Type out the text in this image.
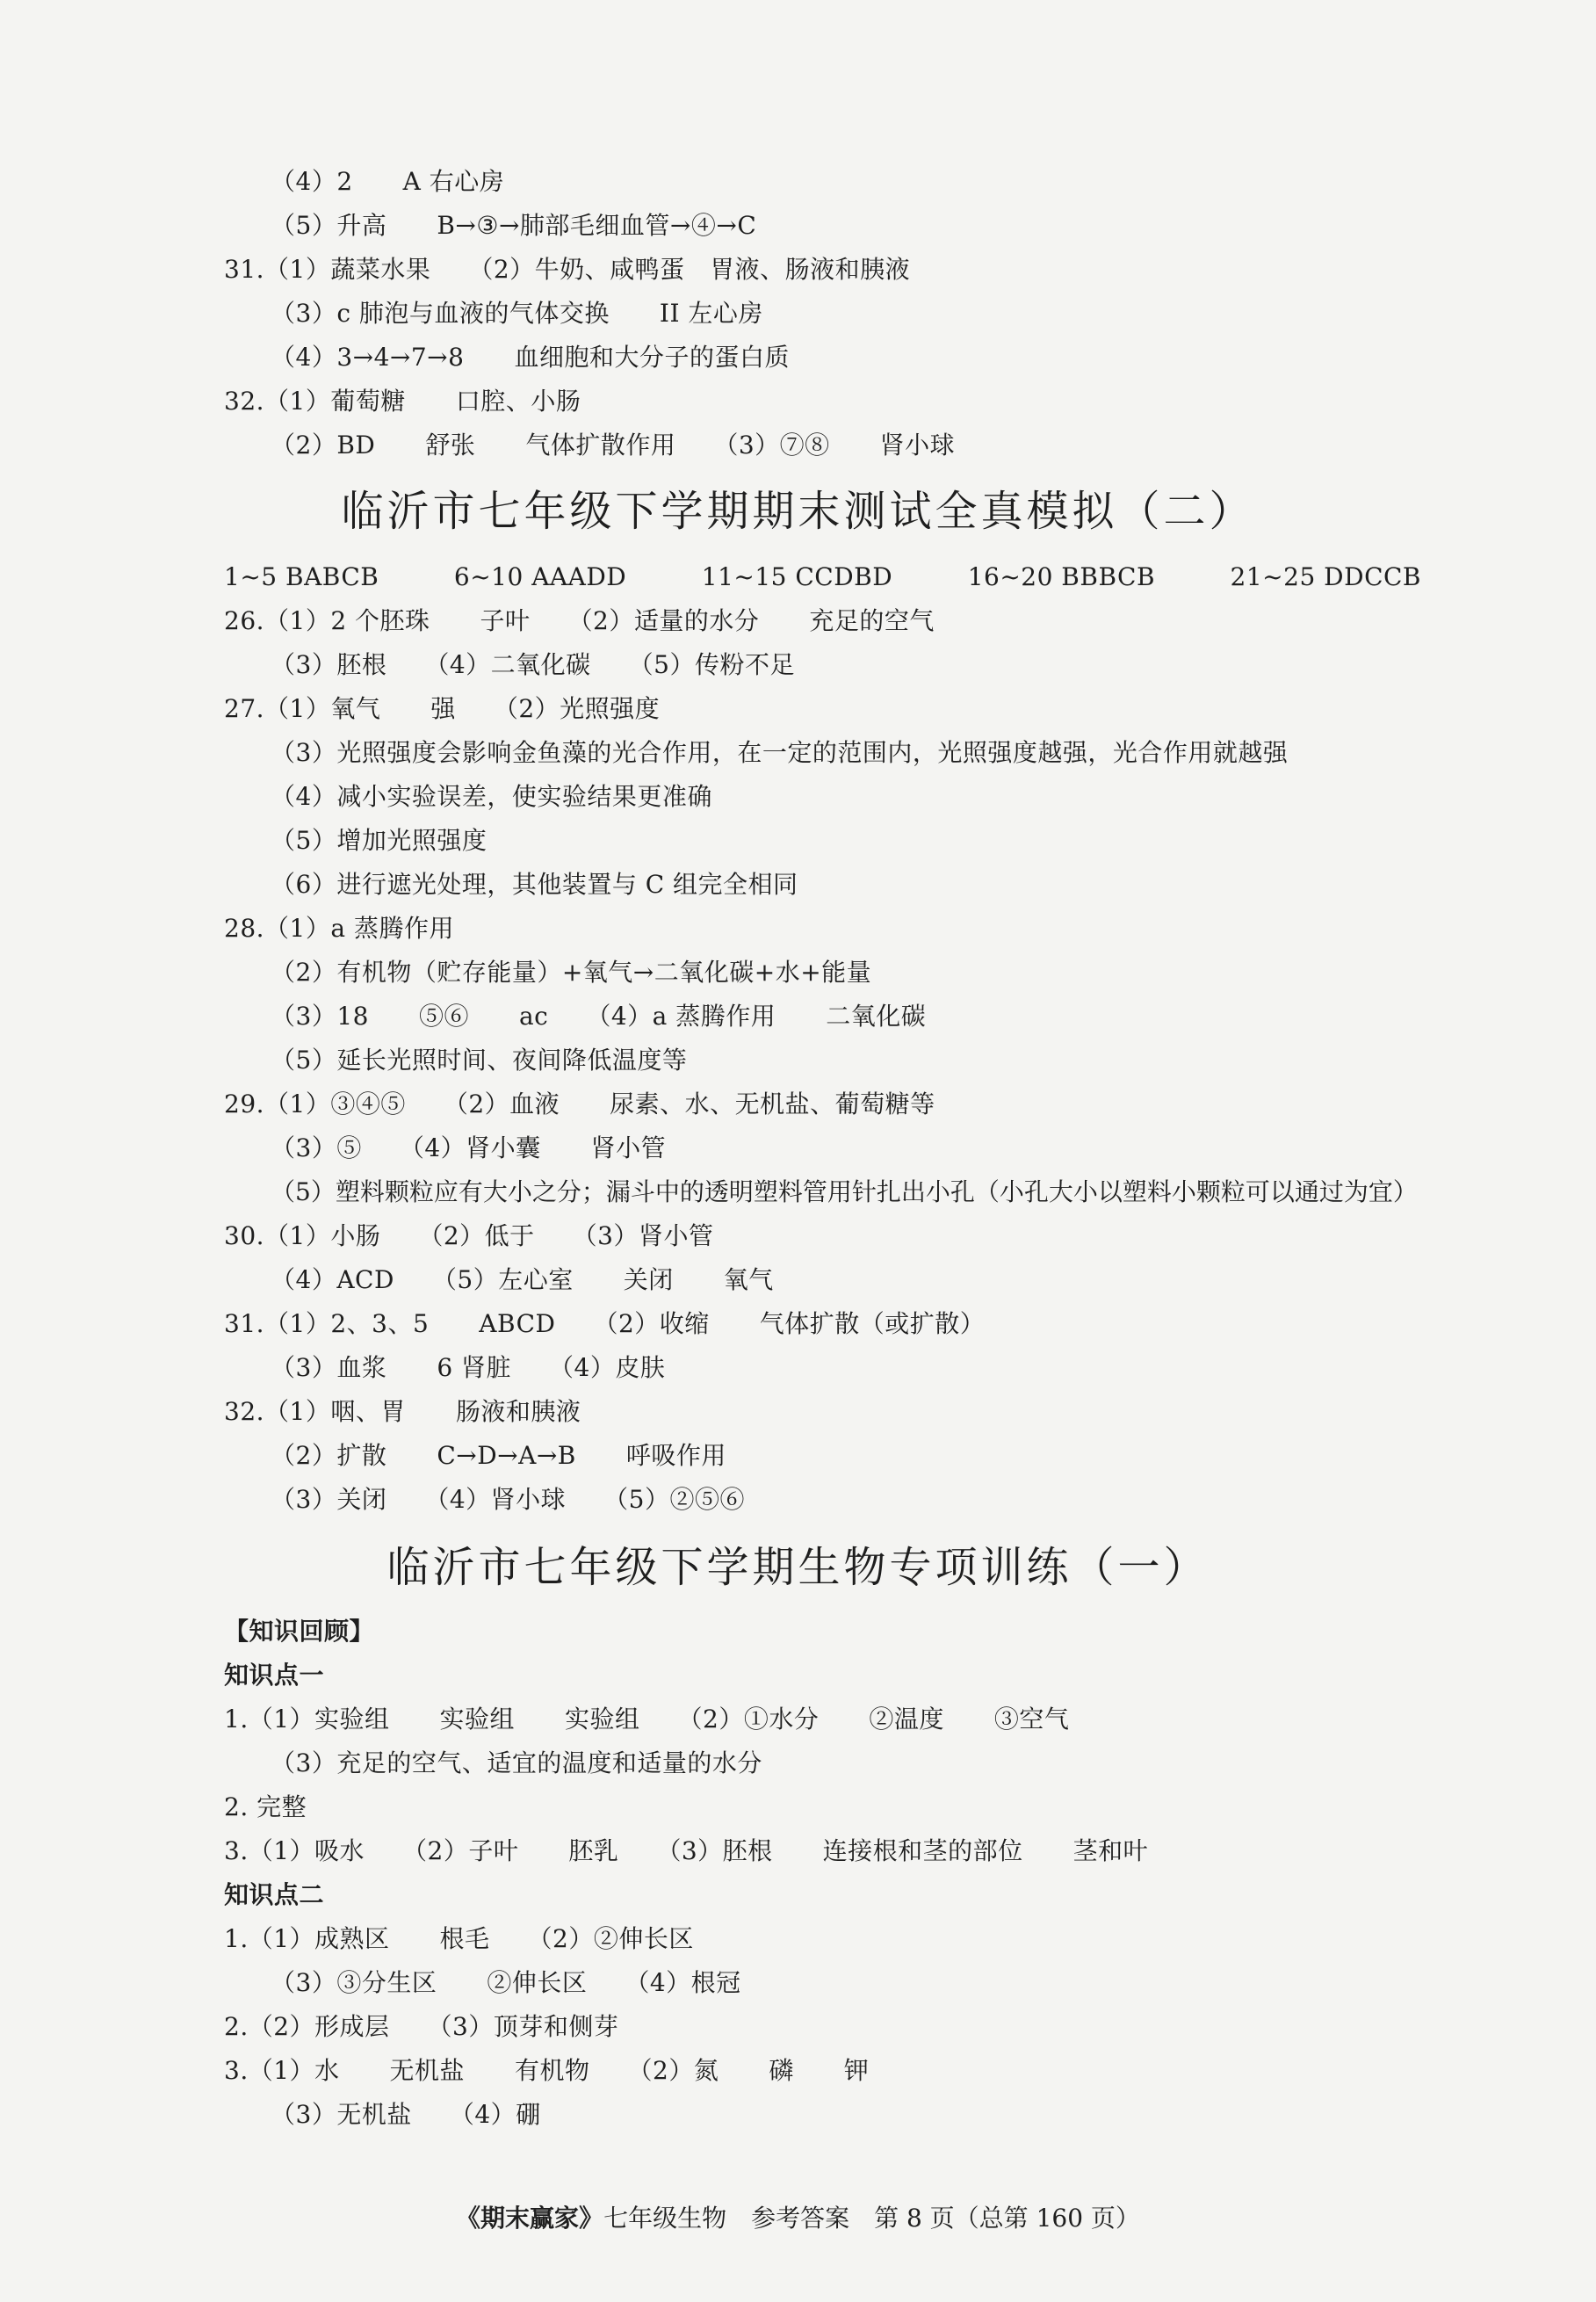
（4）2　　A 右心房
（5）升高　　B→③→肺部毛细血管→④→C
31.（1）蔬菜水果　　（2）牛奶、咸鸭蛋　胃液、肠液和胰液
（3）c 肺泡与血液的气体交换　　II 左心房
（4）3→4→7→8　　血细胞和大分子的蛋白质
32.（1）葡萄糖　　口腔、小肠
（2）BD　　舒张　　气体扩散作用　　（3）⑦⑧　　肾小球
临沂市七年级下学期期末测试全真模拟（二）
1~5 BABCB　　　6~10 AAADD　　　11~15 CCDBD　　　16~20 BBBCB　　　21~25 DDCCB
26.（1）2 个胚珠　　子叶　　（2）适量的水分　　充足的空气
（3）胚根　　（4）二氧化碳　　（5）传粉不足
27.（1）氧气　　强　　（2）光照强度
（3）光照强度会影响金鱼藻的光合作用，在一定的范围内，光照强度越强，光合作用就越强
（4）减小实验误差，使实验结果更准确
（5）增加光照强度
（6）进行遮光处理，其他装置与 C 组完全相同
28.（1）a 蒸腾作用
（2）有机物（贮存能量）+氧气→二氧化碳+水+能量
（3）18　　⑤⑥　　ac　　（4）a 蒸腾作用　　二氧化碳
（5）延长光照时间、夜间降低温度等
29.（1）③④⑤　　（2）血液　　尿素、水、无机盐、葡萄糖等
（3）⑤　　（4）肾小囊　　肾小管
（5）塑料颗粒应有大小之分；漏斗中的透明塑料管用针扎出小孔（小孔大小以塑料小颗粒可以通过为宜）
30.（1）小肠　　（2）低于　　（3）肾小管
（4）ACD　　（5）左心室　　关闭　　氧气
31.（1）2、3、5　　ABCD　　（2）收缩　　气体扩散（或扩散）
（3）血浆　　6 肾脏　　（4）皮肤
32.（1）咽、胃　　肠液和胰液
（2）扩散　　C→D→A→B　　呼吸作用
（3）关闭　　（4）肾小球　　（5）②⑤⑥
临沂市七年级下学期生物专项训练（一）
【知识回顾】
知识点一
1.（1）实验组　　实验组　　实验组　　（2）①水分　　②温度　　③空气
（3）充足的空气、适宜的温度和适量的水分
2. 完整
3.（1）吸水　　（2）子叶　　胚乳　　（3）胚根　　连接根和茎的部位　　茎和叶
知识点二
1.（1）成熟区　　根毛　　（2）②伸长区
（3）③分生区　　②伸长区　　（4）根冠
2.（2）形成层　　（3）顶芽和侧芽
3.（1）水　　无机盐　　有机物　　（2）氮　　磷　　钾
（3）无机盐　　（4）硼
《期末赢家》七年级生物　参考答案　第 8 页（总第 160 页）
